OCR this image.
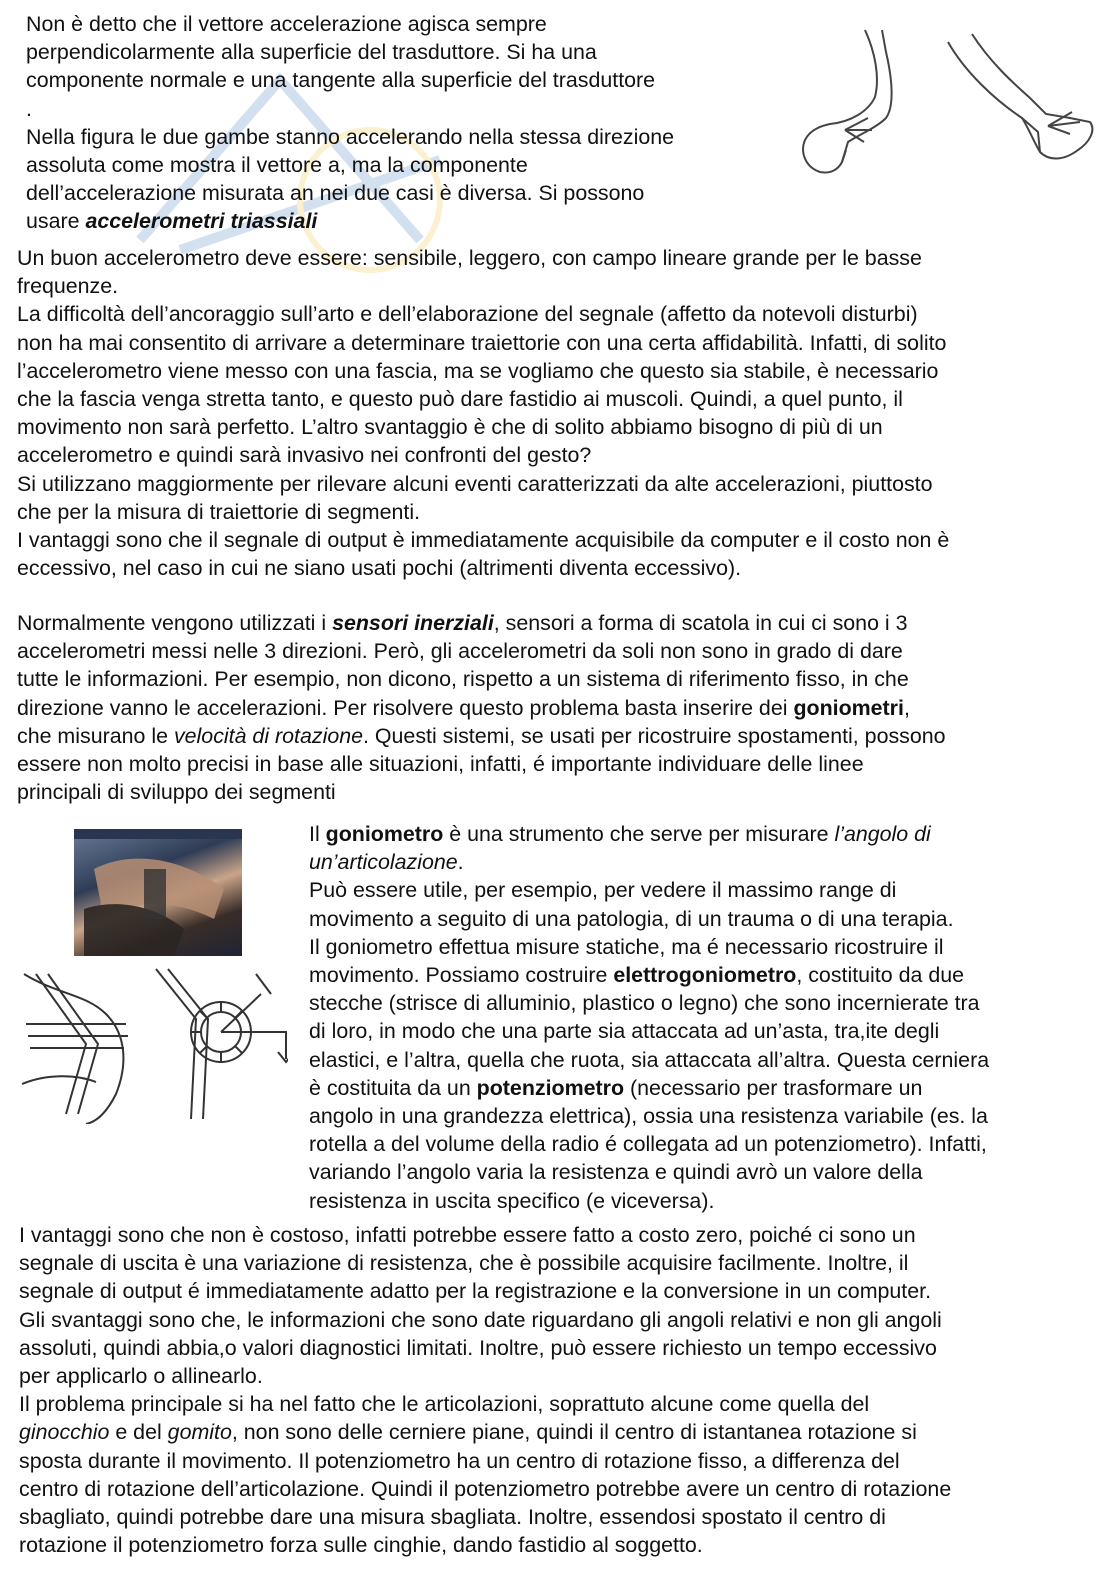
Non è detto che il vettore accelerazione agisca sempre

perpendicolarmente alla superficie del trasduttore. Si ha una

componente normale e una tangente alla superficie del trasduttore

.

Nella figura le due gambe stanno accelerando nella stessa direzione

assoluta come mostra il vettore a, ma la componente

dell’accelerazione misurata an nei due casi è diversa. Si possono

usare accelerometri triassiali

Un buon accelerometro deve essere: sensibile, leggero, con campo lineare grande per le basse

frequenze.

La difficoltà dell’ancoraggio sull’arto e dell’elaborazione del segnale (affetto da notevoli disturbi)

non ha mai consentito di arrivare a determinare traiettorie con una certa affidabilità. Infatti, di solito

l’accelerometro viene messo con una fascia, ma se vogliamo che questo sia stabile, è necessario

che la fascia venga stretta tanto, e questo può dare fastidio ai muscoli. Quindi, a quel punto, il

movimento non sarà perfetto. L’altro svantaggio è che di solito abbiamo bisogno di più di un

accelerometro e quindi sarà invasivo nei confronti del gesto?

Si utilizzano maggiormente per rilevare alcuni eventi caratterizzati da alte accelerazioni, piuttosto

che per la misura di traiettorie di segmenti.

I vantaggi sono che il segnale di output è immediatamente acquisibile da computer e il costo non è

eccessivo, nel caso in cui ne siano usati pochi (altrimenti diventa eccessivo).

Normalmente vengono utilizzati i sensori inerziali, sensori a forma di scatola in cui ci sono i 3

accelerometri messi nelle 3 direzioni. Però, gli accelerometri da soli non sono in grado di dare

tutte le informazioni. Per esempio, non dicono, rispetto a un sistema di riferimento fisso, in che

direzione vanno le accelerazioni. Per risolvere questo problema basta inserire dei goniometri,

che misurano le velocità di rotazione. Questi sistemi, se usati per ricostruire spostamenti, possono

essere non molto precisi in base alle situazioni, infatti, é importante individuare delle linee

principali di sviluppo dei segmenti

Il goniometro è una strumento che serve per misurare l’angolo di

un’articolazione.

Può essere utile, per esempio, per vedere il massimo range di

movimento a seguito di una patologia, di un trauma o di una terapia.

Il goniometro effettua misure statiche, ma é necessario ricostruire il

movimento. Possiamo costruire elettrogoniometro, costituito da due

stecche (strisce di alluminio, plastico o legno) che sono incernierate tra

di loro, in modo che una parte sia attaccata ad un’asta, tra,ite degli

elastici, e l’altra, quella che ruota, sia attaccata all’altra. Questa cerniera

è costituita da un potenziometro (necessario per trasformare un

angolo in una grandezza elettrica), ossia una resistenza variabile (es. la

rotella a del volume della radio é collegata ad un potenziometro). Infatti,

variando l’angolo varia la resistenza e quindi avrò un valore della

resistenza in uscita specifico (e viceversa).

I vantaggi sono che non è costoso, infatti potrebbe essere fatto a costo zero, poiché ci sono un

segnale di uscita è una variazione di resistenza, che è possibile acquisire facilmente. Inoltre, il

segnale di output é immediatamente adatto per la registrazione e la conversione in un computer.

Gli svantaggi sono che, le informazioni che sono date riguardano gli angoli relativi e non gli angoli

assoluti, quindi abbia,o valori diagnostici limitati. Inoltre, può essere richiesto un tempo eccessivo

per applicarlo o allinearlo.

Il problema principale si ha nel fatto che le articolazioni, soprattuto alcune come quella del

ginocchio e del gomito, non sono delle cerniere piane, quindi il centro di istantanea rotazione si

sposta durante il movimento. Il potenziometro ha un centro di rotazione fisso, a differenza del

centro di rotazione dell’articolazione. Quindi il potenziometro potrebbe avere un centro di rotazione

sbagliato, quindi potrebbe dare una misura sbagliata. Inoltre, essendosi spostato il centro di

rotazione il potenziometro forza sulle cinghie, dando fastidio al soggetto.
